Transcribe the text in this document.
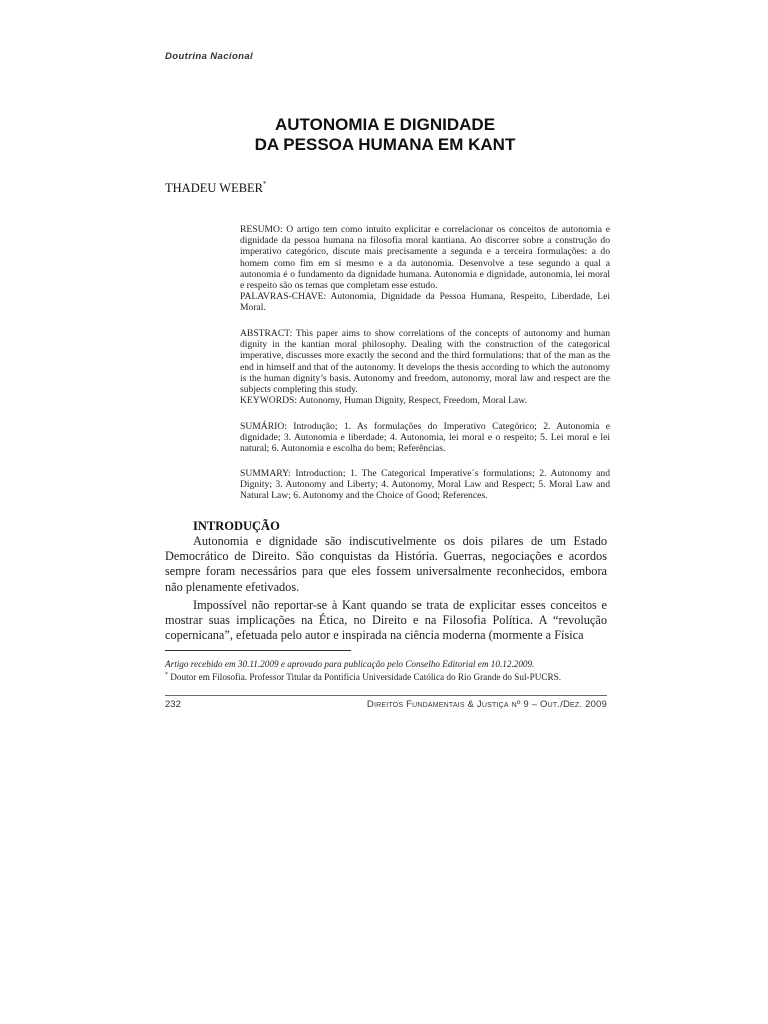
Doutrina Nacional
AUTONOMIA E DIGNIDADE
DA PESSOA HUMANA EM KANT
THADEU WEBER*

RESUMO: O artigo tem como intuito explicitar e correlacionar os conceitos de autonomia e dignidade da pessoa humana na filosofia moral kantiana. Ao discorrer sobre a construção do imperativo categórico, discute mais precisamente a segunda e a terceira formulações: a do homem como fim em si mesmo e a da autonomia. Desenvolve a tese segundo a qual a autonomia é o fundamento da dignidade humana. Autonomia e dignidade, autonomia, lei moral e respeito são os temas que completam esse estudo.

PALAVRAS-CHAVE: Autonomia, Dignidade da Pessoa Humana, Respeito, Liberdade, Lei Moral.

ABSTRACT: This paper aims to show correlations of the concepts of autonomy and human dignity in the kantian moral philosophy. Dealing with the construction of the categorical imperative, discusses more exactly the second and the third formulations: that of the man as the end in himself and that of the autonomy. It develops the thesis according to which the autonomy is the human dignity’s basis. Autonomy and freedom, autonomy, moral law and respect are the subjects completing this study.

KEYWORDS: Autonomy, Human Dignity, Respect, Freedom, Moral Law.

SUMÁRIO: Introdução; 1. As formulações do Imperativo Categórico; 2. Autonomia e dignidade; 3. Autonomia e liberdade; 4. Autonomia, lei moral e o respeito; 5. Lei moral e lei natural; 6. Autonomia e escolha do bem; Referências.

SUMMARY: Introduction; 1. The Categorical Imperative´s formulations; 2. Autonomy and Dignity; 3. Autonomy and Liberty; 4. Autonomy, Moral Law and Respect; 5. Moral Law and Natural Law; 6. Autonomy and the Choice of Good; References.

INTRODUÇÃO

Autonomia e dignidade são indiscutivelmente os dois pilares de um Estado Democrático de Direito. São conquistas da História. Guerras, negociações e acordos sempre foram necessários para que eles fossem universalmente reconhecidos, embora não plenamente efetivados.

Impossível não reportar-se à Kant quando se trata de explicitar esses conceitos e mostrar suas implicações na Ética, no Direito e na Filosofia Política. A “revolução copernicana”, efetuada pelo autor e inspirada na ciência moderna (mormente a Física

Artigo recebido em 30.11.2009 e aprovado para publicação pelo Conselho Editorial em 10.12.2009.

* Doutor em Filosofia. Professor Titular da Pontifícia Universidade Católica do Rio Grande do Sul-PUCRS.

232	Direitos Fundamentais & Justiça nº 9 – Out./Dez. 2009
